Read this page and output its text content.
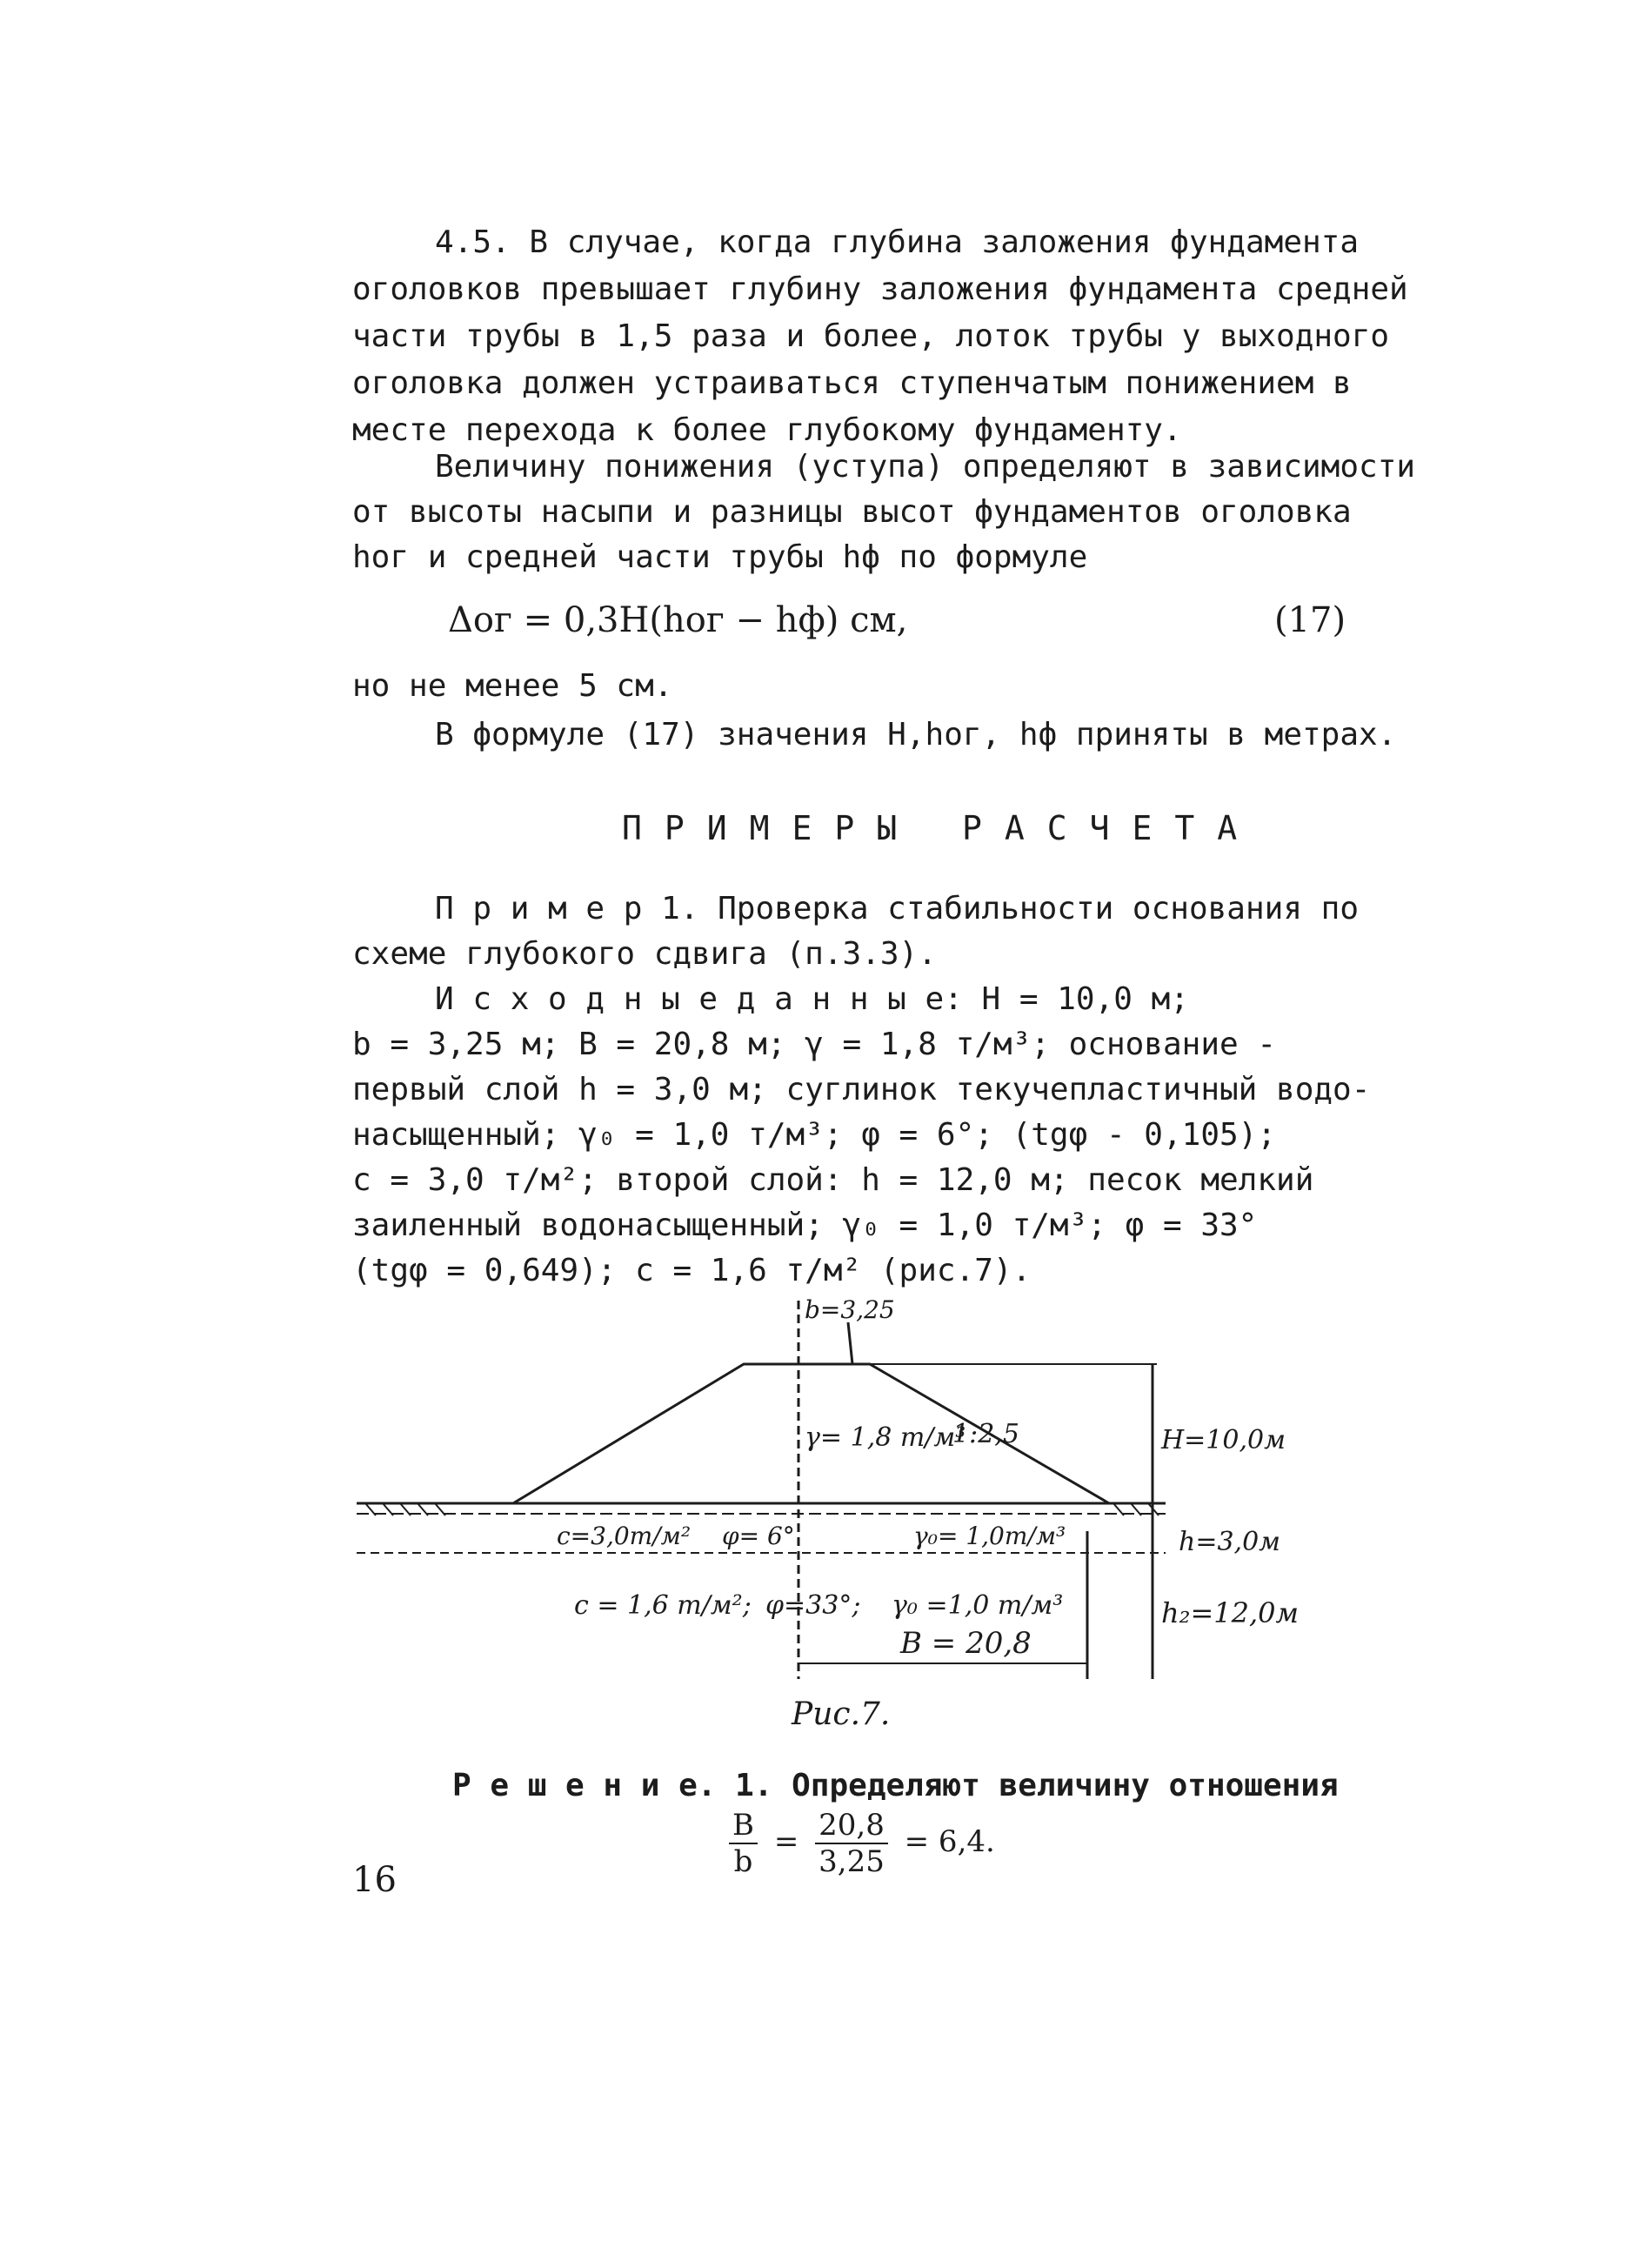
4.5. В случае, когда глубина заложения фундамента

оголовков превышает глубину заложения фундамента средней

части трубы в 1,5 раза и более, лоток трубы у выходного

оголовка должен устраиваться ступенчатым понижением в

месте перехода к более глубокому фундаменту.

Величину понижения (уступа) определяют в зависимости

от высоты насыпи и разницы высот фундаментов оголовка

hог и средней части трубы hф по формуле

Δог = 0,3H(hог − hф) см,	(17)

но не менее 5 см.

В формуле (17) значения H,hог, hф приняты в метрах.

ПРИМЕРЫ РАСЧЕТА

П р и м е р 1. Проверка стабильности основания по

схеме глубокого сдвига (п.3.3).

И с х о д н ы е д а н н ы е: H = 10,0 м;

b = 3,25 м; B = 20,8 м; γ = 1,8 т/м³; основание -

первый слой h = 3,0 м; суглинок текучепластичный водо-

насыщенный; γ₀ = 1,0 т/м³; φ = 6°; (tgφ - 0,105);

c = 3,0 т/м²; второй слой: h = 12,0 м; песок мелкий

заиленный водонасыщенный; γ₀ = 1,0 т/м³; φ = 33°

(tgφ = 0,649); c = 1,6 т/м² (рис.7).

b=3,25
γ= 1,8 т/м³
1:2,5	H=10,0м
c=3,0т/м² φ= 6°	γ₀= 1,0т/м³	h=3,0м
c = 1,6 т/м²; φ=33°; γ₀ =1,0 т/м³
B = 20,8
h₂=12,0м
Рис.7.

Р е ш е н и е. 1. Определяют величину отношения

$\frac{B}{b} = \frac{20,8}{3,25} = 6,4$.
16
